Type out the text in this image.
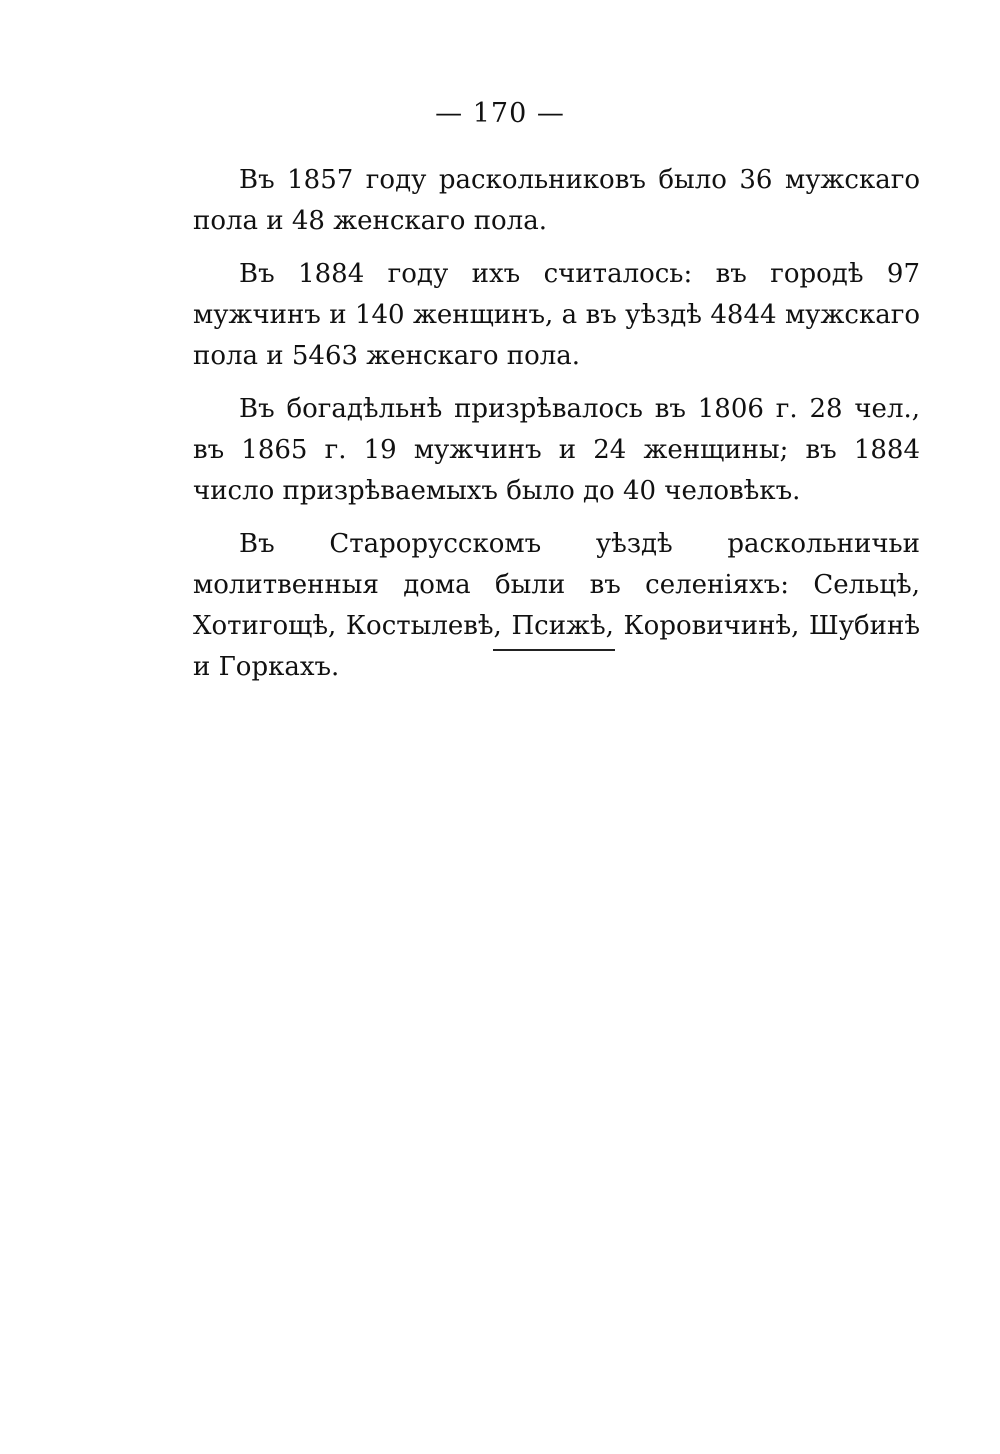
— 170 —

Въ 1857 году раскольниковъ было 36 мужскаго пола и 48 женскаго пола.

Въ 1884 году ихъ считалось: въ городѣ 97 мужчинъ и 140 женщинъ, а въ уѣздѣ 4844 мужскаго пола и 5463 женскаго пола.

Въ богадѣльнѣ призрѣвалось въ 1806 г. 28 чел., въ 1865 г. 19 мужчинъ и 24 женщины; въ 1884 число призрѣваемыхъ было до 40 человѣкъ.

Въ Старорусскомъ уѣздѣ раскольничьи молитвенныя дома были въ селеніяхъ: Сельцѣ, Хотигощѣ, Костылевѣ, Псижѣ, Коровичинѣ, Шубинѣ и Горкахъ.
